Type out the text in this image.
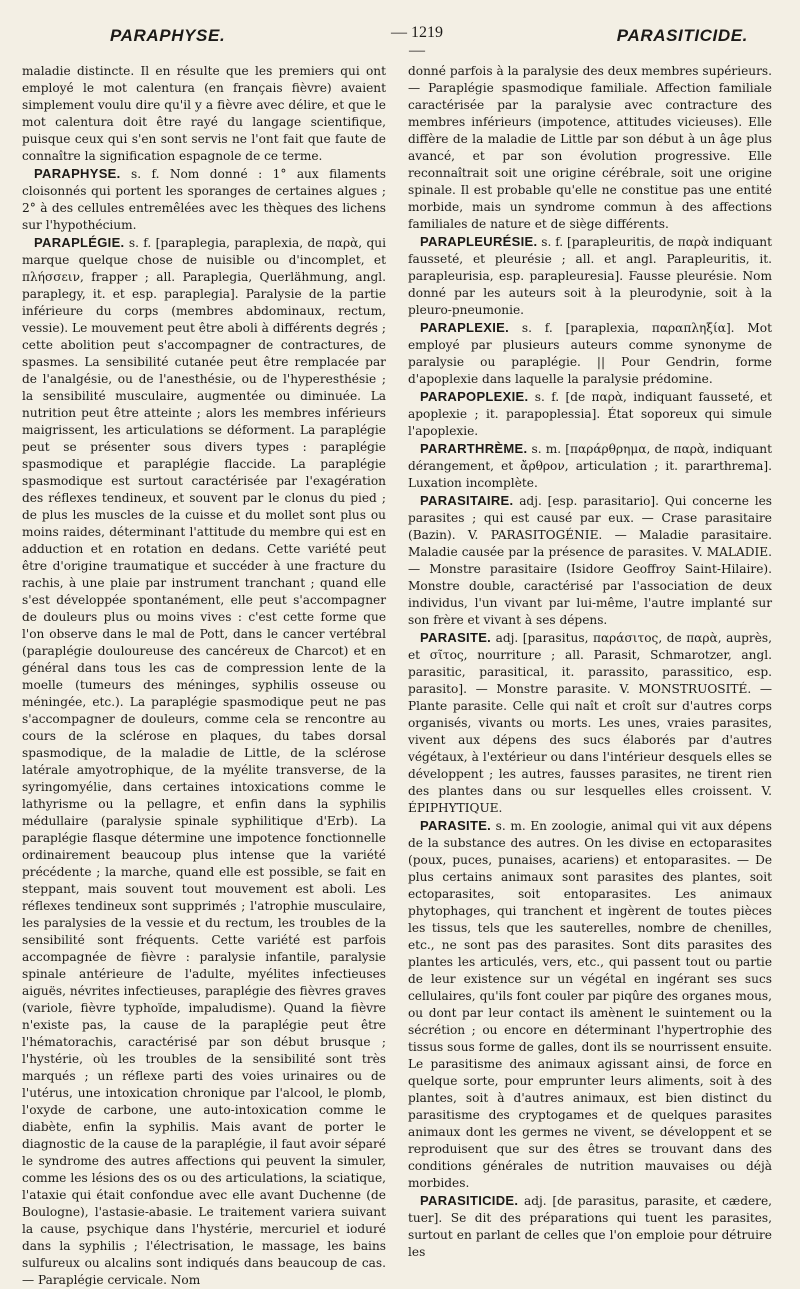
PARAPHYSE.	— 1219 —
PARASITICIDE.

maladie distincte. Il en résulte que les premiers qui ont employé le mot calentura (en français fièvre) avaient simplement voulu dire qu'il y a fièvre avec délire, et que le mot calentura doit être rayé du langage scientifique, puisque ceux qui s'en sont servis ne l'ont fait que faute de connaître la signification espagnole de ce terme.

PARAPHYSE. s. f. Nom donné : 1° aux filaments cloisonnés qui portent les sporanges de certaines algues ; 2° à des cellules entremêlées avec les thèques des lichens sur l'hypothécium.

PARAPLÉGIE. s. f. [paraplegia, paraplexia, de παρὰ, qui marque quelque chose de nuisible ou d'incomplet, et πλήσσειν, frapper ; all. Paraplegia, Querlähmung, angl. paraplegy, it. et esp. paraplegia]. Paralysie de la partie inférieure du corps (membres abdominaux, rectum, vessie). Le mouvement peut être aboli à différents degrés ; cette abolition peut s'accompagner de contractures, de spasmes. La sensibilité cutanée peut être remplacée par de l'analgésie, ou de l'anesthésie, ou de l'hyperesthésie ; la sensibilité musculaire, augmentée ou diminuée. La nutrition peut être atteinte ; alors les membres inférieurs maigrissent, les articulations se déforment. La paraplégie peut se présenter sous divers types : paraplégie spasmodique et paraplégie flaccide. La paraplégie spasmodique est surtout caractérisée par l'exagération des réflexes tendineux, et souvent par le clonus du pied ; de plus les muscles de la cuisse et du mollet sont plus ou moins raides, déterminant l'attitude du membre qui est en adduction et en rotation en dedans. Cette variété peut être d'origine traumatique et succéder à une fracture du rachis, à une plaie par instrument tranchant ; quand elle s'est développée spontanément, elle peut s'accompagner de douleurs plus ou moins vives : c'est cette forme que l'on observe dans le mal de Pott, dans le cancer vertébral (paraplégie douloureuse des cancéreux de Charcot) et en général dans tous les cas de compression lente de la moelle (tumeurs des méninges, syphilis osseuse ou méningée, etc.). La paraplégie spasmodique peut ne pas s'accompagner de douleurs, comme cela se rencontre au cours de la sclérose en plaques, du tabes dorsal spasmodique, de la maladie de Little, de la sclérose latérale amyotrophique, de la myélite transverse, de la syringomyélie, dans certaines intoxications comme le lathyrisme ou la pellagre, et enfin dans la syphilis médullaire (paralysie spinale syphilitique d'Erb). La paraplégie flasque détermine une impotence fonctionnelle ordinairement beaucoup plus intense que la variété précédente ; la marche, quand elle est possible, se fait en steppant, mais souvent tout mouvement est aboli. Les réflexes tendineux sont supprimés ; l'atrophie musculaire, les paralysies de la vessie et du rectum, les troubles de la sensibilité sont fréquents. Cette variété est parfois accompagnée de fièvre : paralysie infantile, paralysie spinale antérieure de l'adulte, myélites infectieuses aiguës, névrites infectieuses, paraplégie des fièvres graves (variole, fièvre typhoïde, impaludisme). Quand la fièvre n'existe pas, la cause de la paraplégie peut être l'hématorachis, caractérisé par son début brusque ; l'hystérie, où les troubles de la sensibilité sont très marqués ; un réflexe parti des voies urinaires ou de l'utérus, une intoxication chronique par l'alcool, le plomb, l'oxyde de carbone, une auto-intoxication comme le diabète, enfin la syphilis. Mais avant de porter le diagnostic de la cause de la paraplégie, il faut avoir séparé le syndrome des autres affections qui peuvent la simuler, comme les lésions des os ou des articulations, la sciatique, l'ataxie qui était confondue avec elle avant Duchenne (de Boulogne), l'astasie-abasie. Le traitement variera suivant la cause, psychique dans l'hystérie, mercuriel et ioduré dans la syphilis ; l'électrisation, le massage, les bains sulfureux ou alcalins sont indiqués dans beaucoup de cas. — Paraplégie cervicale. Nom

donné parfois à la paralysie des deux membres supérieurs. — Paraplégie spasmodique familiale. Affection familiale caractérisée par la paralysie avec contracture des membres inférieurs (impotence, attitudes vicieuses). Elle diffère de la maladie de Little par son début à un âge plus avancé, et par son évolution progressive. Elle reconnaîtrait soit une origine cérébrale, soit une origine spinale. Il est probable qu'elle ne constitue pas une entité morbide, mais un syndrome commun à des affections familiales de nature et de siège différents.

PARAPLEURÉSIE. s. f. [parapleuritis, de παρὰ indiquant fausseté, et pleurésie ; all. et angl. Parapleuritis, it. parapleurisia, esp. parapleuresia]. Fausse pleurésie. Nom donné par les auteurs soit à la pleurodynie, soit à la pleuro-pneumonie.

PARAPLEXIE. s. f. [paraplexia, παραπληξία]. Mot employé par plusieurs auteurs comme synonyme de paralysie ou paraplégie. || Pour Gendrin, forme d'apoplexie dans laquelle la paralysie prédomine.

PARAPOPLEXIE. s. f. [de παρὰ, indiquant fausseté, et apoplexie ; it. parapoplessia]. État soporeux qui simule l'apoplexie.

PARARTHRÈME. s. m. [παράρθρημα, de παρὰ, indiquant dérangement, et ἄρθρον, articulation ; it. pararthrema]. Luxation incomplète.

PARASITAIRE. adj. [esp. parasitario]. Qui concerne les parasites ; qui est causé par eux. — Crase parasitaire (Bazin). V. PARASITOGÉNIE. — Maladie parasitaire. Maladie causée par la présence de parasites. V. MALADIE. — Monstre parasitaire (Isidore Geoffroy Saint-Hilaire). Monstre double, caractérisé par l'association de deux individus, l'un vivant par lui-même, l'autre implanté sur son frère et vivant à ses dépens.

PARASITE. adj. [parasitus, παράσιτος, de παρὰ, auprès, et σῖτος, nourriture ; all. Parasit, Schmarotzer, angl. parasitic, parasitical, it. parassito, parassitico, esp. parasito]. — Monstre parasite. V. MONSTRUOSITÉ. — Plante parasite. Celle qui naît et croît sur d'autres corps organisés, vivants ou morts. Les unes, vraies parasites, vivent aux dépens des sucs élaborés par d'autres végétaux, à l'extérieur ou dans l'intérieur desquels elles se développent ; les autres, fausses parasites, ne tirent rien des plantes dans ou sur lesquelles elles croissent. V. ÉPIPHYTIQUE.

PARASITE. s. m. En zoologie, animal qui vit aux dépens de la substance des autres. On les divise en ectoparasites (poux, puces, punaises, acariens) et entoparasites. — De plus certains animaux sont parasites des plantes, soit ectoparasites, soit entoparasites. Les animaux phytophages, qui tranchent et ingèrent de toutes pièces les tissus, tels que les sauterelles, nombre de chenilles, etc., ne sont pas des parasites. Sont dits parasites des plantes les articulés, vers, etc., qui passent tout ou partie de leur existence sur un végétal en ingérant ses sucs cellulaires, qu'ils font couler par piqûre des organes mous, ou dont par leur contact ils amènent le suintement ou la sécrétion ; ou encore en déterminant l'hypertrophie des tissus sous forme de galles, dont ils se nourrissent ensuite. Le parasitisme des animaux agissant ainsi, de force en quelque sorte, pour emprunter leurs aliments, soit à des plantes, soit à d'autres animaux, est bien distinct du parasitisme des cryptogames et de quelques parasites animaux dont les germes ne vivent, se développent et se reproduisent que sur des êtres se trouvant dans des conditions générales de nutrition mauvaises ou déjà morbides.

PARASITICIDE. adj. [de parasitus, parasite, et cædere, tuer]. Se dit des préparations qui tuent les parasites, surtout en parlant de celles que l'on emploie pour détruire les
